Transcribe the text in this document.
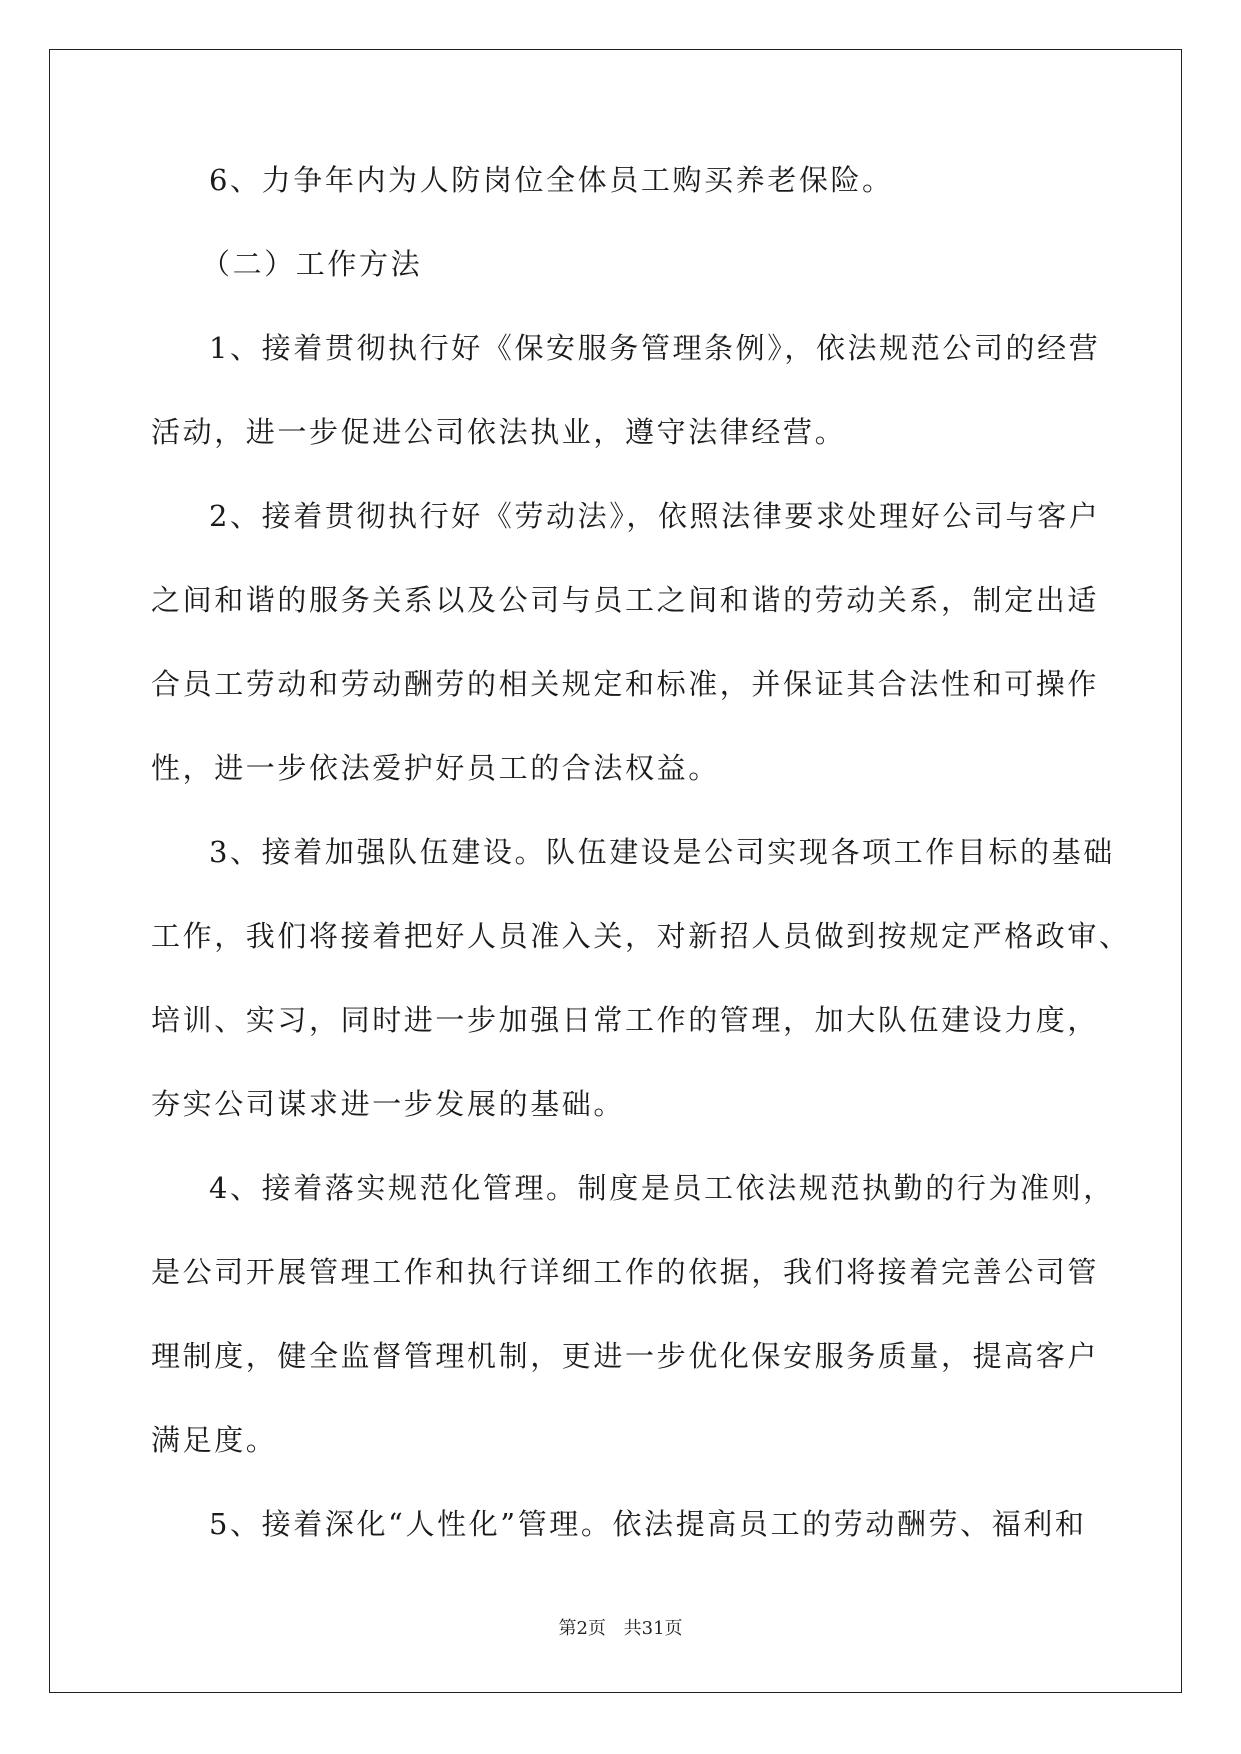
6、力争年内为人防岗位全体员工购买养老保险。
（二）工作方法
1、接着贯彻执行好《保安服务管理条例》，依法规范公司的经营
活动，进一步促进公司依法执业，遵守法律经营。
2、接着贯彻执行好《劳动法》，依照法律要求处理好公司与客户
之间和谐的服务关系以及公司与员工之间和谐的劳动关系，制定出适
合员工劳动和劳动酬劳的相关规定和标准，并保证其合法性和可操作
性，进一步依法爱护好员工的合法权益。
3、接着加强队伍建设。队伍建设是公司实现各项工作目标的基础
工作，我们将接着把好人员准入关，对新招人员做到按规定严格政审、
培训、实习，同时进一步加强日常工作的管理，加大队伍建设力度，
夯实公司谋求进一步发展的基础。
4、接着落实规范化管理。制度是员工依法规范执勤的行为准则，
是公司开展管理工作和执行详细工作的依据，我们将接着完善公司管
理制度，健全监督管理机制，更进一步优化保安服务质量，提高客户
满足度。
5、接着深化“人性化”管理。依法提高员工的劳动酬劳、福利和
第2页 共31页
